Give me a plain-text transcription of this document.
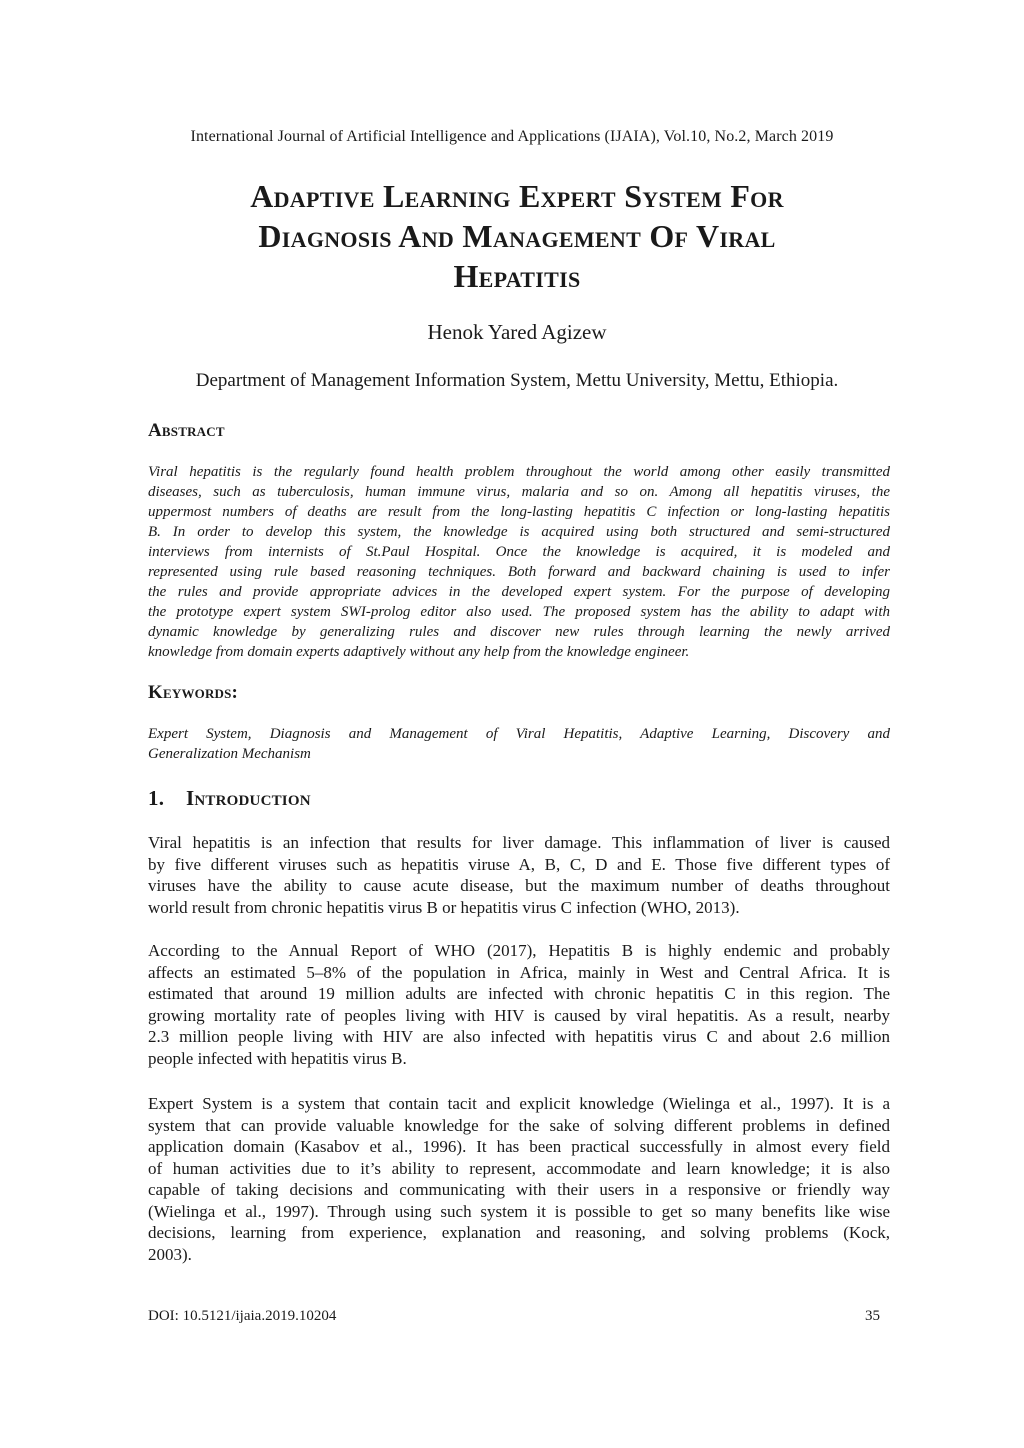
International Journal of Artificial Intelligence and Applications (IJAIA), Vol.10, No.2, March 2019
Adaptive Learning Expert System For
Diagnosis And Management Of Viral
Hepatitis
Henok Yared Agizew
Department of Management Information System, Mettu University, Mettu, Ethiopia.
Abstract
Viral hepatitis is the regularly found health problem throughout the world among other easily transmitted
diseases, such as tuberculosis, human immune virus, malaria and so on. Among all hepatitis viruses, the
uppermost numbers of deaths are result from the long-lasting hepatitis C infection or long-lasting hepatitis
B. In order to develop this system, the knowledge is acquired using both structured and semi-structured
interviews from internists of St.Paul Hospital. Once the knowledge is acquired, it is modeled and
represented using rule based reasoning techniques. Both forward and backward chaining is used to infer
the rules and provide appropriate advices in the developed expert system. For the purpose of developing
the prototype expert system SWI-prolog editor also used. The proposed system has the ability to adapt with
dynamic knowledge by generalizing rules and discover new rules through learning the newly arrived
knowledge from domain experts adaptively without any help from the knowledge engineer.
Keywords:
Expert System, Diagnosis and Management of Viral Hepatitis, Adaptive Learning, Discovery and
Generalization Mechanism
1. Introduction
Viral hepatitis is an infection that results for liver damage. This inflammation of liver is caused
by five different viruses such as hepatitis viruse A, B, C, D and E. Those five different types of
viruses have the ability to cause acute disease, but the maximum number of deaths throughout
world result from chronic hepatitis virus B or hepatitis virus C infection (WHO, 2013).
According to the Annual Report of WHO (2017), Hepatitis B is highly endemic and probably
affects an estimated 5–8% of the population in Africa, mainly in West and Central Africa. It is
estimated that around 19 million adults are infected with chronic hepatitis C in this region. The
growing mortality rate of peoples living with HIV is caused by viral hepatitis. As a result, nearby
2.3 million people living with HIV are also infected with hepatitis virus C and about 2.6 million
people infected with hepatitis virus B.
Expert System is a system that contain tacit and explicit knowledge (Wielinga et al., 1997). It is a
system that can provide valuable knowledge for the sake of solving different problems in defined
application domain (Kasabov et al., 1996). It has been practical successfully in almost every field
of human activities due to it’s ability to represent, accommodate and learn knowledge; it is also
capable of taking decisions and communicating with their users in a responsive or friendly way
(Wielinga et al., 1997). Through using such system it is possible to get so many benefits like wise
decisions, learning from experience, explanation and reasoning, and solving problems (Kock,
2003).
DOI: 10.5121/ijaia.2019.10204	35
